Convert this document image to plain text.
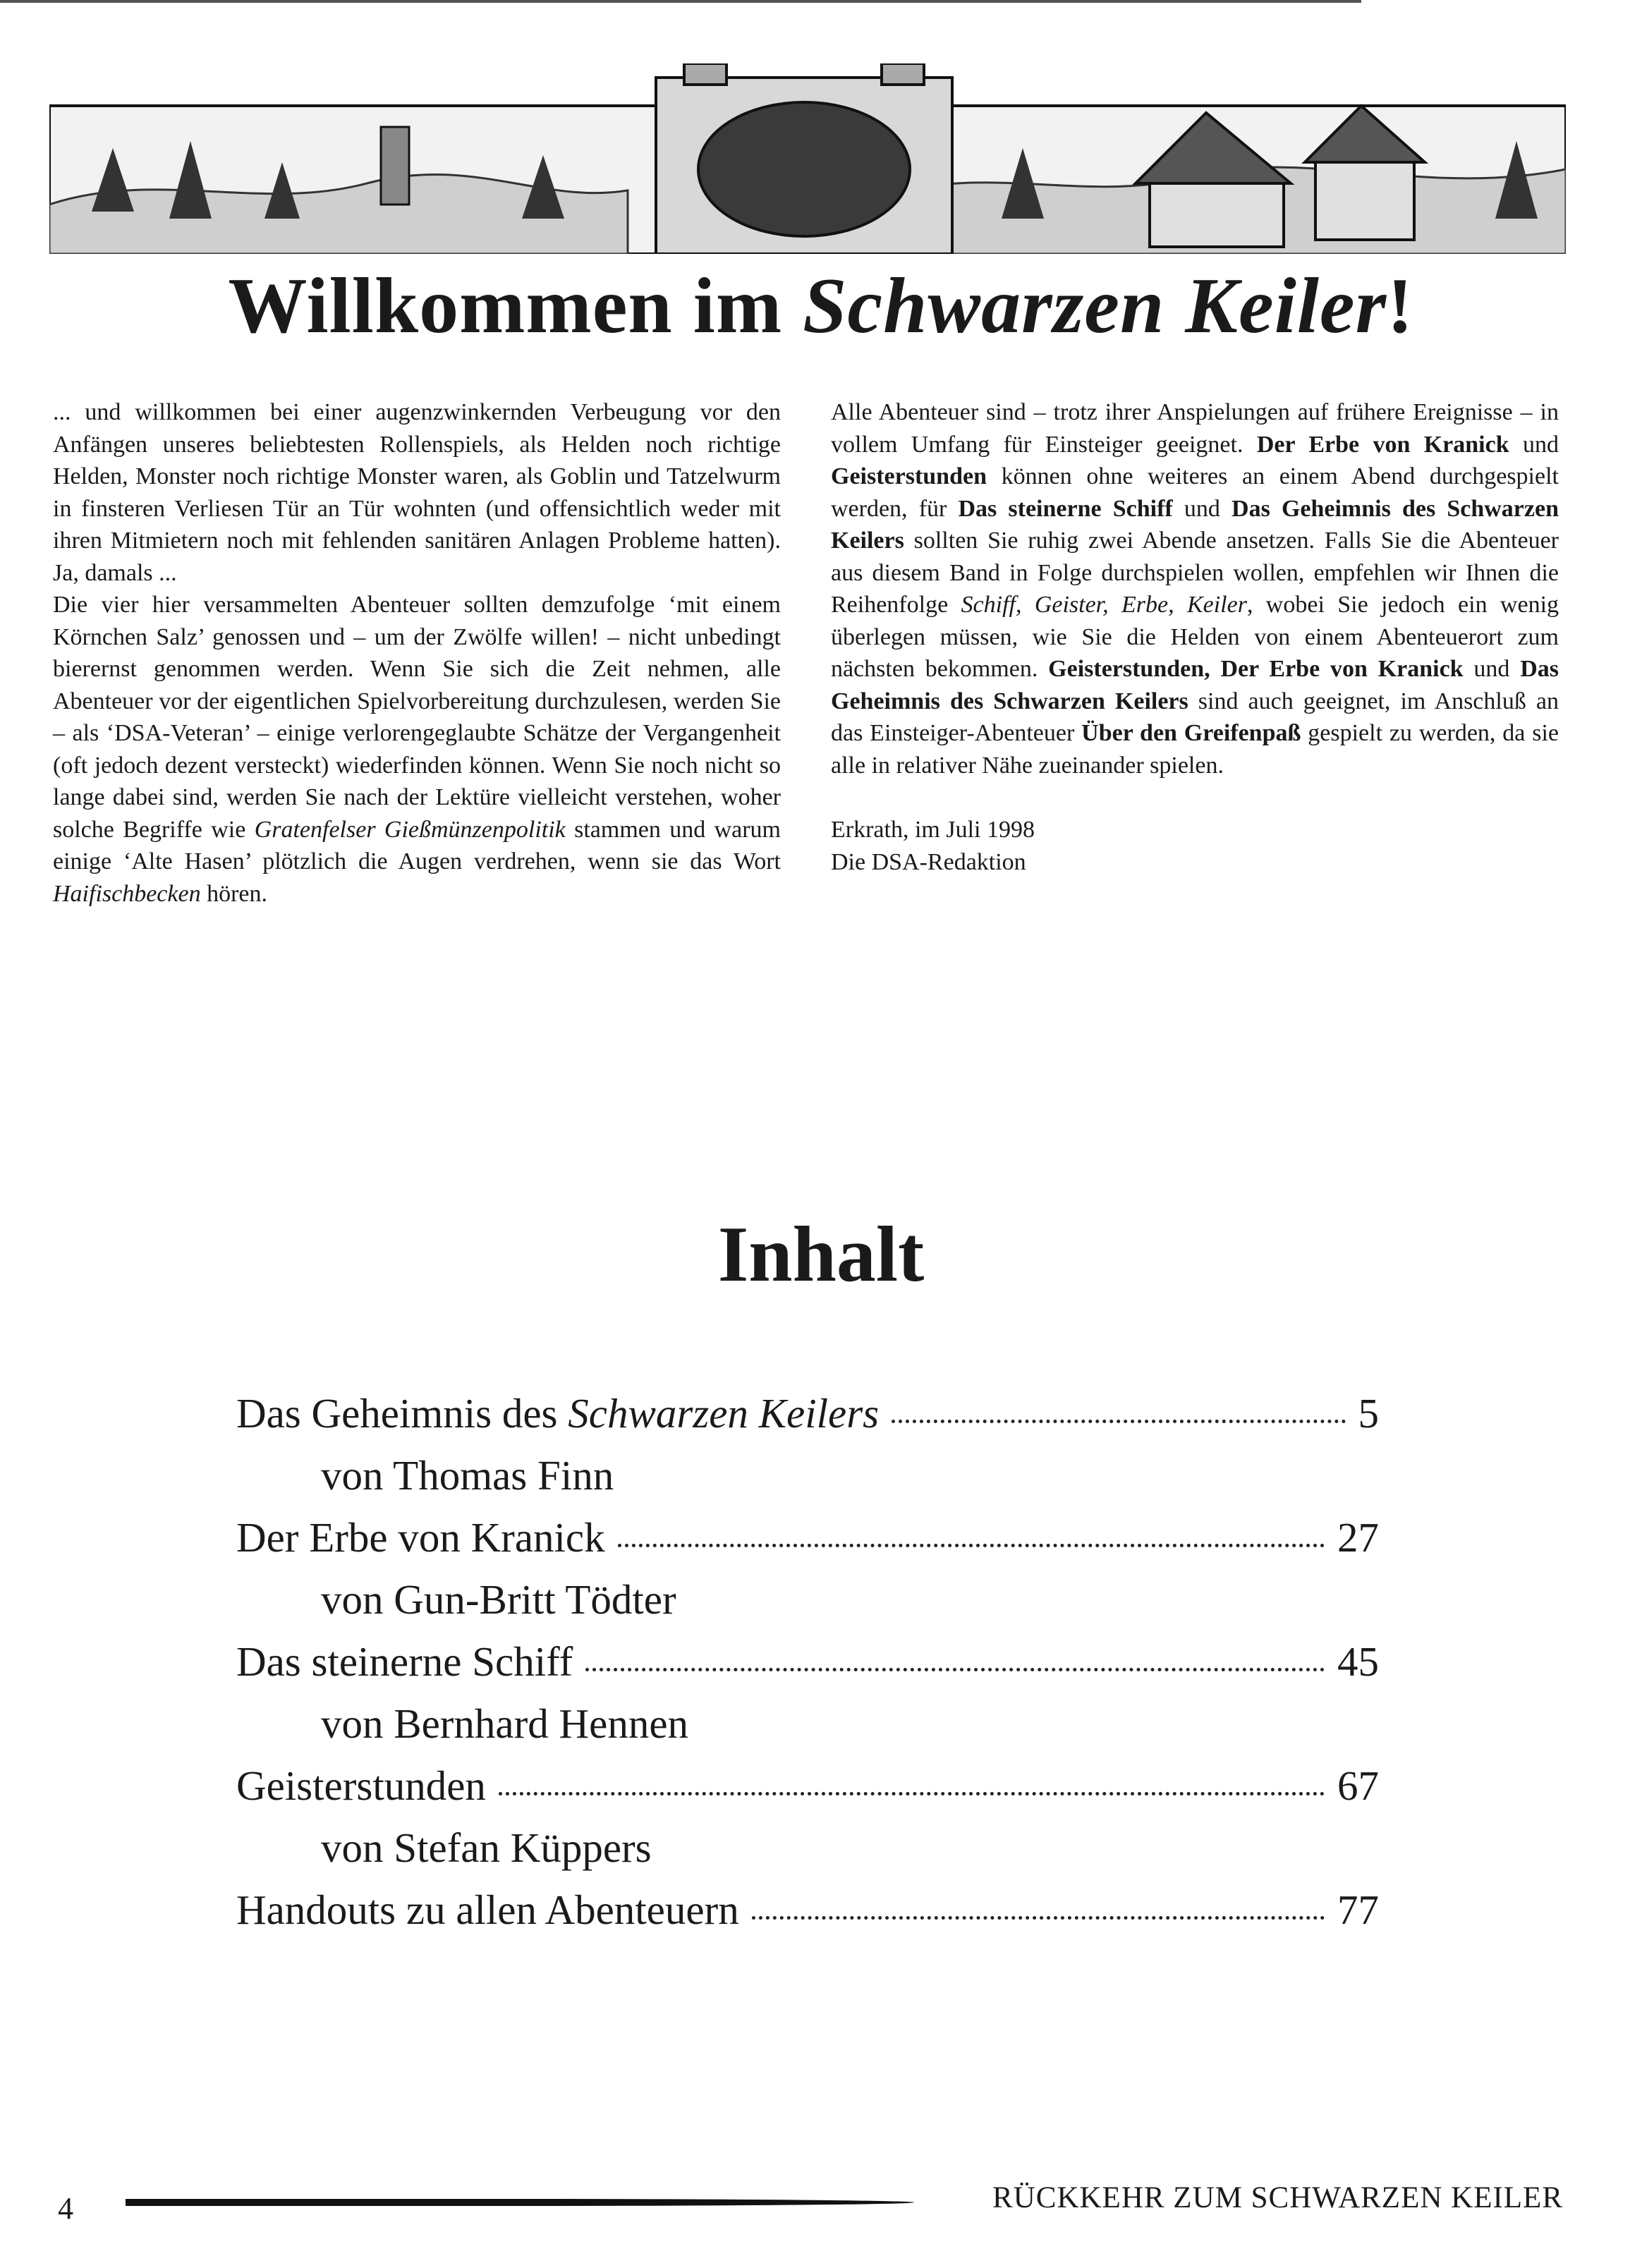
Willkommen im Schwarzen Keiler!

... und willkommen bei einer augenzwinkernden Verbeugung vor den Anfängen unseres beliebtesten Rollenspiels, als Helden noch richtige Helden, Monster noch richtige Monster waren, als Goblin und Tatzelwurm in finsteren Verliesen Tür an Tür wohnten (und offensichtlich weder mit ihren Mitmietern noch mit fehlenden sanitären Anlagen Probleme hatten). Ja, damals ...

Die vier hier versammelten Abenteuer sollten demzufolge ‘mit einem Körnchen Salz’ genossen und – um der Zwölfe willen! – nicht unbedingt bierernst genommen werden. Wenn Sie sich die Zeit nehmen, alle Abenteuer vor der eigentlichen Spielvorbereitung durchzulesen, werden Sie – als ‘DSA-Veteran’ – einige verlorengeglaubte Schätze der Vergangenheit (oft jedoch dezent versteckt) wiederfinden können. Wenn Sie noch nicht so lange dabei sind, werden Sie nach der Lektüre vielleicht verstehen, woher solche Begriffe wie Gratenfelser Gießmünzenpolitik stammen und warum einige ‘Alte Hasen’ plötzlich die Augen verdrehen, wenn sie das Wort Haifischbecken hören.

Alle Abenteuer sind – trotz ihrer Anspielungen auf frühere Ereignisse – in vollem Umfang für Einsteiger geeignet. Der Erbe von Kranick und Geisterstunden können ohne weiteres an einem Abend durchgespielt werden, für Das steinerne Schiff und Das Geheimnis des Schwarzen Keilers sollten Sie ruhig zwei Abende ansetzen. Falls Sie die Abenteuer aus diesem Band in Folge durchspielen wollen, empfehlen wir Ihnen die Reihenfolge Schiff, Geister, Erbe, Keiler, wobei Sie jedoch ein wenig überlegen müssen, wie Sie die Helden von einem Abenteuerort zum nächsten bekommen. Geisterstunden, Der Erbe von Kranick und Das Geheimnis des Schwarzen Keilers sind auch geeignet, im Anschluß an das Einsteiger-Abenteuer Über den Greifenpaß gespielt zu werden, da sie alle in relativer Nähe zueinander spielen.

Erkrath, im Juli 1998

Die DSA-Redaktion

Inhalt
Das Geheimnis des Schwarzen Keilers	5
von Thomas Finn
Der Erbe von Kranick	27
von Gun-Britt Tödter
Das steinerne Schiff	45
von Bernhard Hennen
Geisterstunden	67
von Stefan Küppers
Handouts zu allen Abenteuern	77
4	RÜCKKEHR ZUM SCHWARZEN KEILER
